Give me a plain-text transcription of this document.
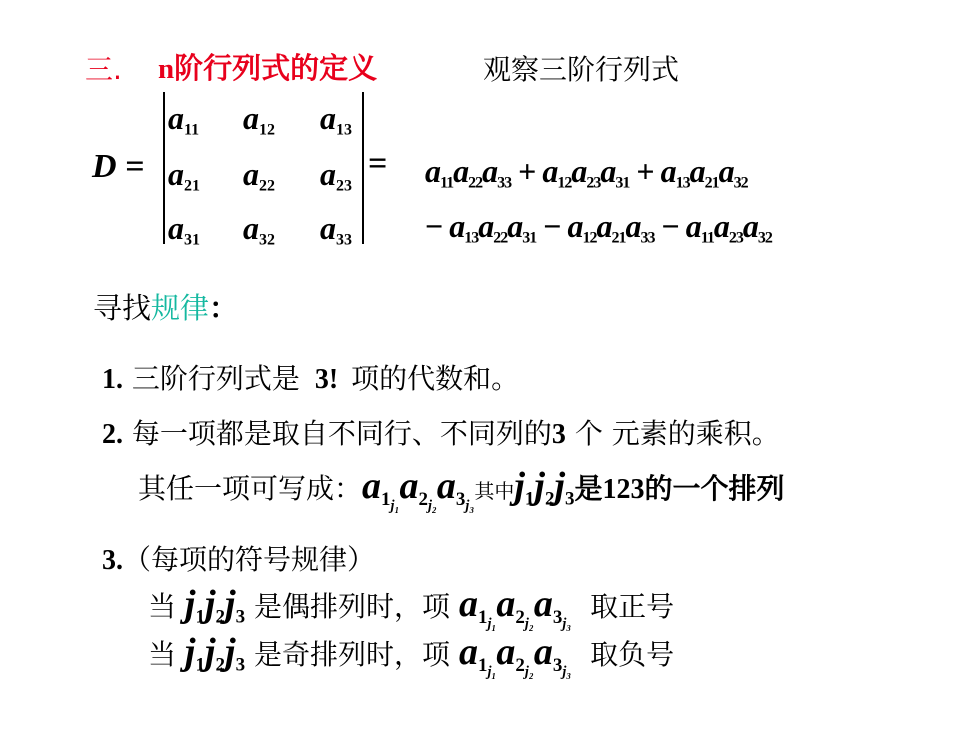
三. n阶行列式的定义	观察三阶行列式
D =
$a_{11}$ $a_{12}$ $a_{13}$
$a_{21}$ $a_{22}$ $a_{23}$
$a_{31}$ $a_{32}$ $a_{33}$
= $a_{11}a_{22}a_{33} + a_{12}a_{23}a_{31} + a_{13}a_{21}a_{32}$
− $a_{13}a_{22}a_{31} - a_{12}a_{21}a_{33} - a_{11}a_{23}a_{32}$
寻找规律：
1. 三阶行列式是 3! 项的代数和。
2. 每一项都是取自不同行、不同列的3 个 元素的乘积。
其任一项可写成：$a_{1_{j_1}}a_{2_{j_2}}a_{3_{j_3}}$其中$j_1j_2j_3$是123的一个排列
3.（每项的符号规律）
当 $j_1j_2j_3$ 是偶排列时，项 $a_{1_{j_1}}a_{2_{j_2}}a_{3_{j_3}}$ 取正号
当 $j_1j_2j_3$ 是奇排列时，项 $a_{1_{j_1}}a_{2_{j_2}}a_{3_{j_3}}$ 取负号
